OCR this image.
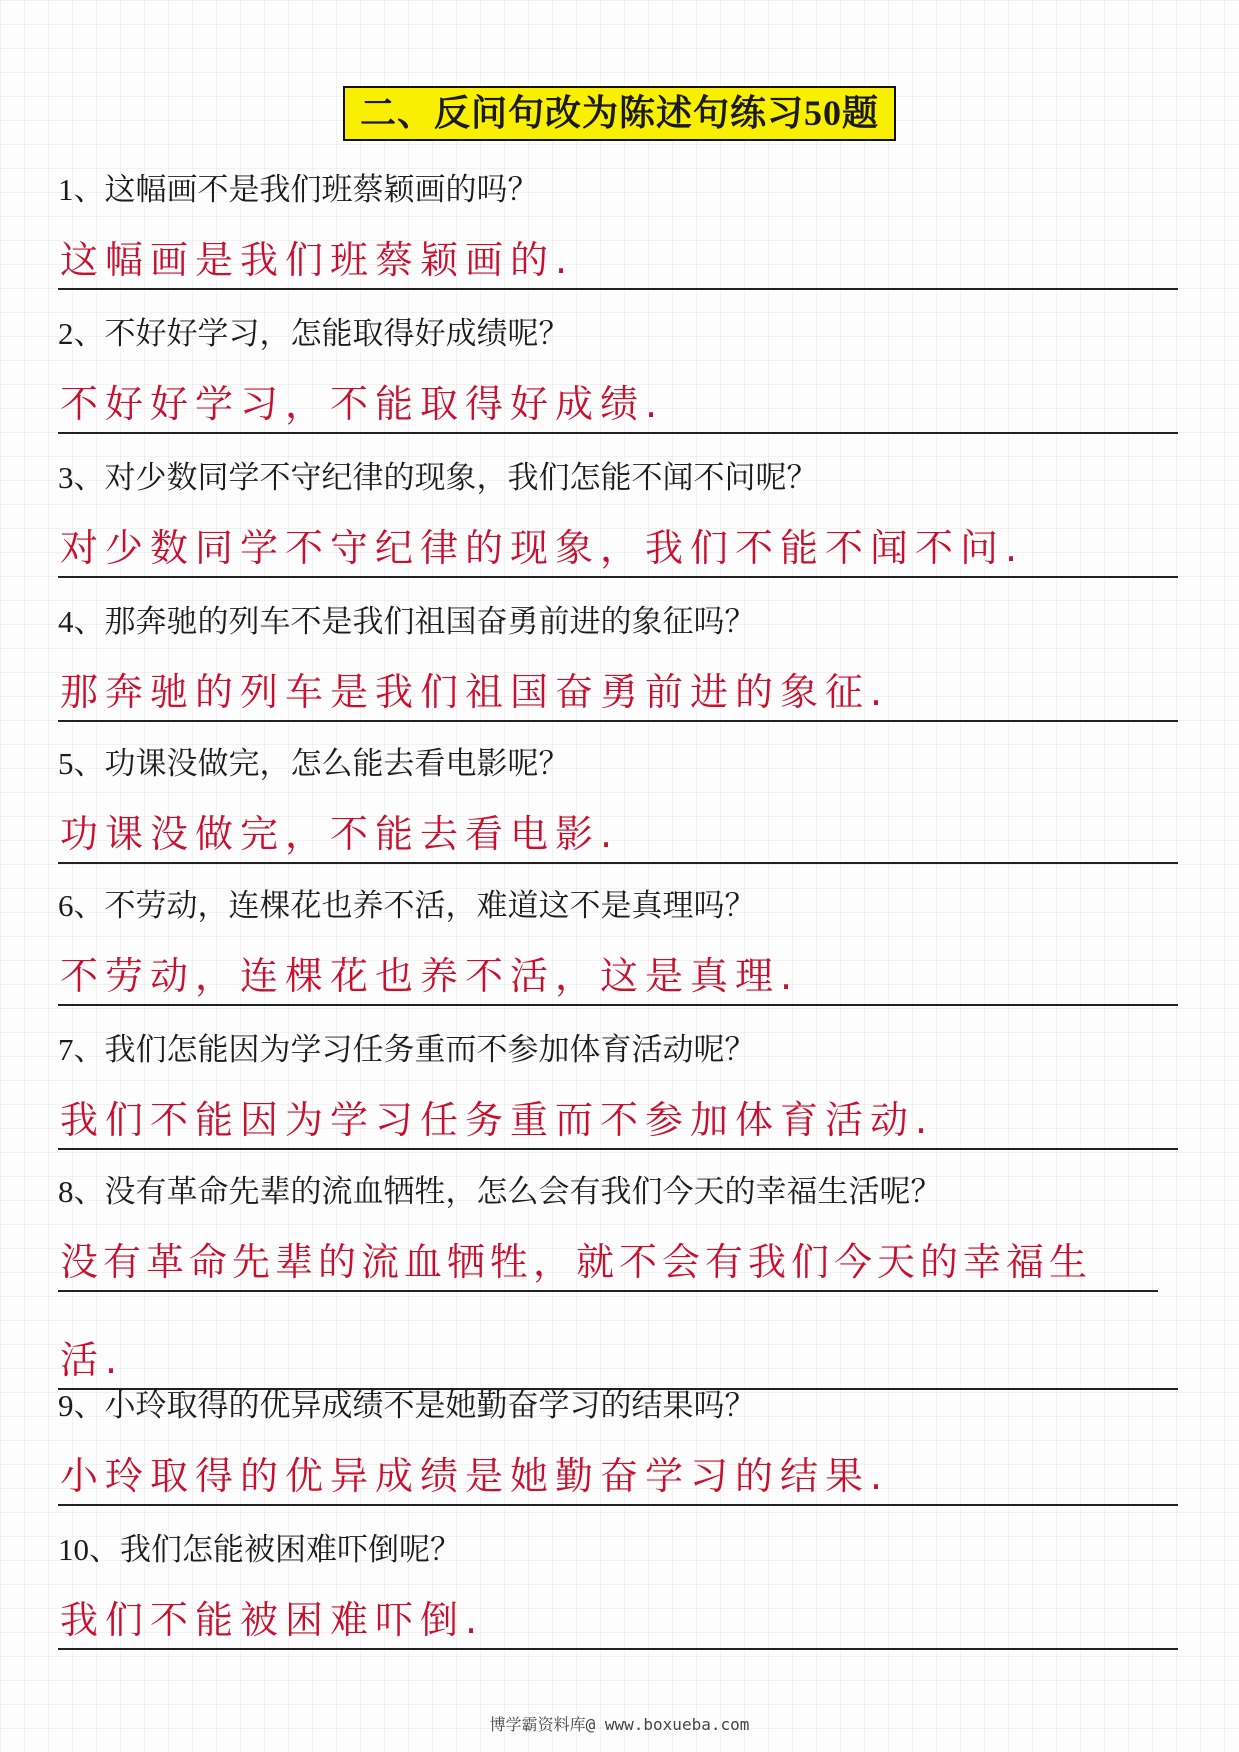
二、反问句改为陈述句练习50题
1、这幅画不是我们班蔡颖画的吗？
这幅画是我们班蔡颖画的.
2、不好好学习，怎能取得好成绩呢？
不好好学习，不能取得好成绩.
3、对少数同学不守纪律的现象，我们怎能不闻不问呢？
对少数同学不守纪律的现象，我们不能不闻不问.
4、那奔驰的列车不是我们祖国奋勇前进的象征吗？
那奔驰的列车是我们祖国奋勇前进的象征.
5、功课没做完，怎么能去看电影呢？
功课没做完，不能去看电影.
6、不劳动，连棵花也养不活，难道这不是真理吗？
不劳动，连棵花也养不活，这是真理.
7、我们怎能因为学习任务重而不参加体育活动呢？
我们不能因为学习任务重而不参加体育活动.
8、没有革命先辈的流血牺牲，怎么会有我们今天的幸福生活呢？
没有革命先辈的流血牺牲，就不会有我们今天的幸福生
活.
9、小玲取得的优异成绩不是她勤奋学习的结果吗？
小玲取得的优异成绩是她勤奋学习的结果.
10、我们怎能被困难吓倒呢？
我们不能被困难吓倒.
博学霸资料库@ www.boxueba.com
